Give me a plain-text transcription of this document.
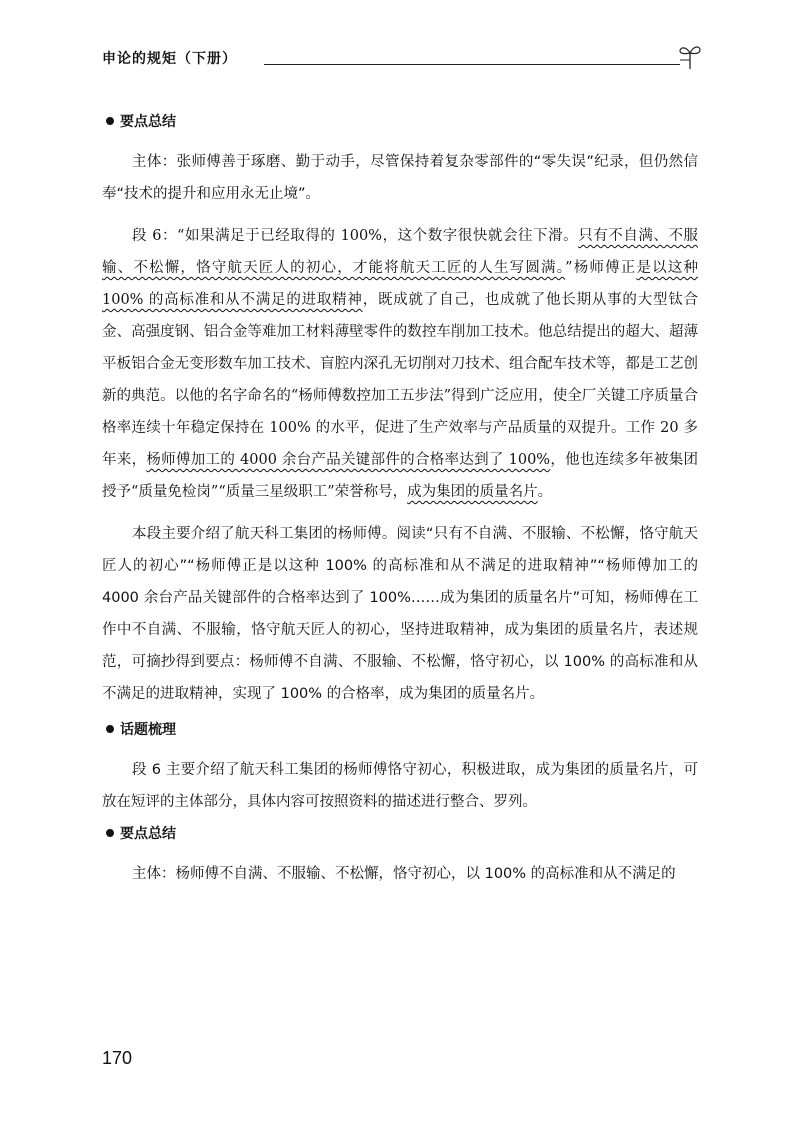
申论的规矩（下册）
要点总结

主体：张师傅善于琢磨、勤于动手，尽管保持着复杂零部件的“零失误”纪录，但仍然信奉“技术的提升和应用永无止境”。

段 6：“如果满足于已经取得的 100%，这个数字很快就会往下滑。只有不自满、不服输、不松懈，恪守航天匠人的初心，才能将航天工匠的人生写圆满。”杨师傅正是以这种 100% 的高标准和从不满足的进取精神，既成就了自己，也成就了他长期从事的大型钛合金、高强度钢、铝合金等难加工材料薄壁零件的数控车削加工技术。他总结提出的超大、超薄平板铝合金无变形数车加工技术、盲腔内深孔无切削对刀技术、组合配车技术等，都是工艺创新的典范。以他的名字命名的“杨师傅数控加工五步法”得到广泛应用，使全厂关键工序质量合格率连续十年稳定保持在 100% 的水平，促进了生产效率与产品质量的双提升。工作 20 多年来，杨师傅加工的 4000 余台产品关键部件的合格率达到了 100%，他也连续多年被集团授予“质量免检岗”“质量三星级职工”荣誉称号，成为集团的质量名片。

本段主要介绍了航天科工集团的杨师傅。阅读“只有不自满、不服输、不松懈，恪守航天匠人的初心”“杨师傅正是以这种 100% 的高标准和从不满足的进取精神”“杨师傅加工的 4000 余台产品关键部件的合格率达到了 100%……成为集团的质量名片”可知，杨师傅在工作中不自满、不服输，恪守航天匠人的初心，坚持进取精神，成为集团的质量名片，表述规范，可摘抄得到要点：杨师傅不自满、不服输、不松懈，恪守初心，以 100% 的高标准和从不满足的进取精神，实现了 100% 的合格率，成为集团的质量名片。

话题梳理

段 6 主要介绍了航天科工集团的杨师傅恪守初心，积极进取，成为集团的质量名片，可放在短评的主体部分，具体内容可按照资料的描述进行整合、罗列。

要点总结

主体：杨师傅不自满、不服输、不松懈，恪守初心，以 100% 的高标准和从不满足的

170
